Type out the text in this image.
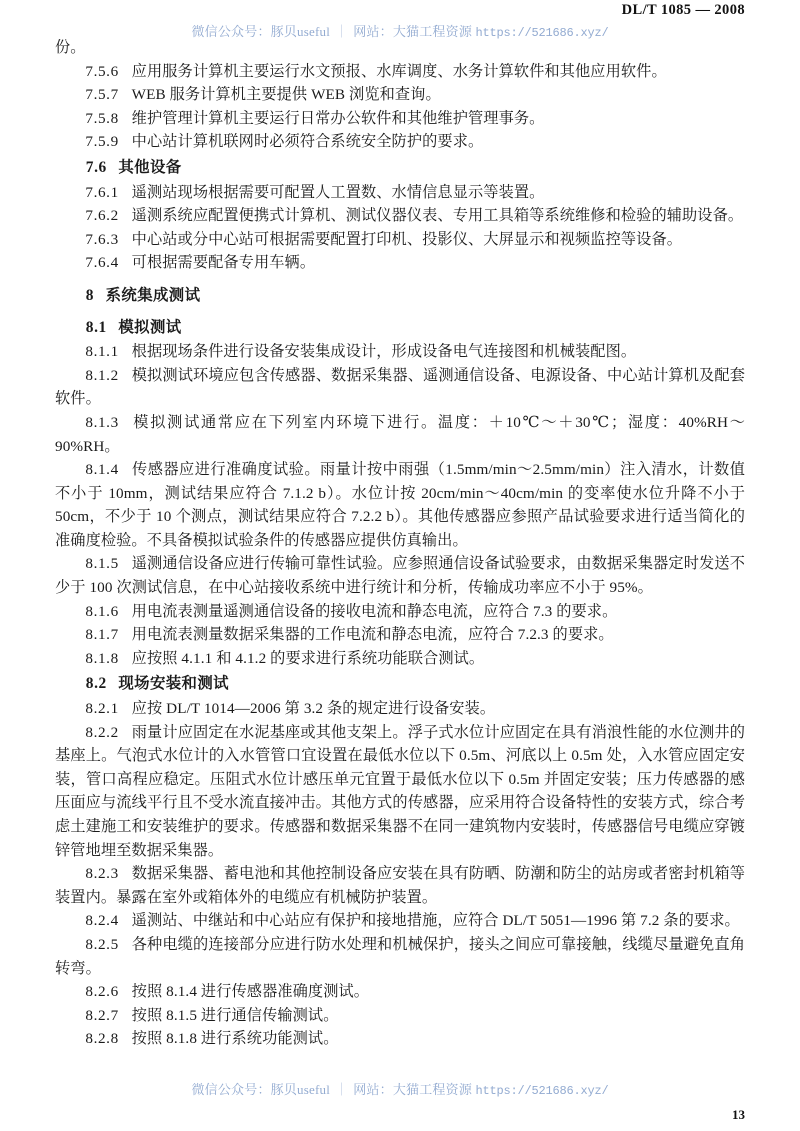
DL/T 1085 — 2008
微信公众号：豚贝useful ｜ 网站：大猫工程资源 https://521686.xyz/

份。

7.5.6 应用服务计算机主要运行水文预报、水库调度、水务计算软件和其他应用软件。

7.5.7 WEB 服务计算机主要提供 WEB 浏览和查询。

7.5.8 维护管理计算机主要运行日常办公软件和其他维护管理事务。

7.5.9 中心站计算机联网时必须符合系统安全防护的要求。

7.6 其他设备

7.6.1 遥测站现场根据需要可配置人工置数、水情信息显示等装置。

7.6.2 遥测系统应配置便携式计算机、测试仪器仪表、专用工具箱等系统维修和检验的辅助设备。

7.6.3 中心站或分中心站可根据需要配置打印机、投影仪、大屏显示和视频监控等设备。

7.6.4 可根据需要配备专用车辆。

8 系统集成测试
8.1 模拟测试

8.1.1 根据现场条件进行设备安装集成设计，形成设备电气连接图和机械装配图。

8.1.2 模拟测试环境应包含传感器、数据采集器、遥测通信设备、电源设备、中心站计算机及配套软件。

8.1.3 模拟测试通常应在下列室内环境下进行。温度：＋10℃～＋30℃；湿度：40%RH～90%RH。

8.1.4 传感器应进行准确度试验。雨量计按中雨强（1.5mm/min～2.5mm/min）注入清水，计数值不小于 10mm，测试结果应符合 7.1.2 b）。水位计按 20cm/min～40cm/min 的变率使水位升降不小于 50cm，不少于 10 个测点，测试结果应符合 7.2.2 b）。其他传感器应参照产品试验要求进行适当简化的准确度检验。不具备模拟试验条件的传感器应提供仿真输出。

8.1.5 遥测通信设备应进行传输可靠性试验。应参照通信设备试验要求，由数据采集器定时发送不少于 100 次测试信息，在中心站接收系统中进行统计和分析，传输成功率应不小于 95%。

8.1.6 用电流表测量遥测通信设备的接收电流和静态电流，应符合 7.3 的要求。

8.1.7 用电流表测量数据采集器的工作电流和静态电流，应符合 7.2.3 的要求。

8.1.8 应按照 4.1.1 和 4.1.2 的要求进行系统功能联合测试。

8.2 现场安装和测试

8.2.1 应按 DL/T 1014—2006 第 3.2 条的规定进行设备安装。

8.2.2 雨量计应固定在水泥基座或其他支架上。浮子式水位计应固定在具有消浪性能的水位测井的基座上。气泡式水位计的入水管管口宜设置在最低水位以下 0.5m、河底以上 0.5m 处，入水管应固定安装，管口高程应稳定。压阻式水位计感压单元宜置于最低水位以下 0.5m 并固定安装；压力传感器的感压面应与流线平行且不受水流直接冲击。其他方式的传感器，应采用符合设备特性的安装方式，综合考虑土建施工和安装维护的要求。传感器和数据采集器不在同一建筑物内安装时，传感器信号电缆应穿镀锌管地埋至数据采集器。

8.2.3 数据采集器、蓄电池和其他控制设备应安装在具有防晒、防潮和防尘的站房或者密封机箱等装置内。暴露在室外或箱体外的电缆应有机械防护装置。

8.2.4 遥测站、中继站和中心站应有保护和接地措施，应符合 DL/T 5051—1996 第 7.2 条的要求。

8.2.5 各种电缆的连接部分应进行防水处理和机械保护，接头之间应可靠接触，线缆尽量避免直角转弯。

8.2.6 按照 8.1.4 进行传感器准确度测试。

8.2.7 按照 8.1.5 进行通信传输测试。

8.2.8 按照 8.1.8 进行系统功能测试。

微信公众号：豚贝useful ｜ 网站：大猫工程资源 https://521686.xyz/
13
